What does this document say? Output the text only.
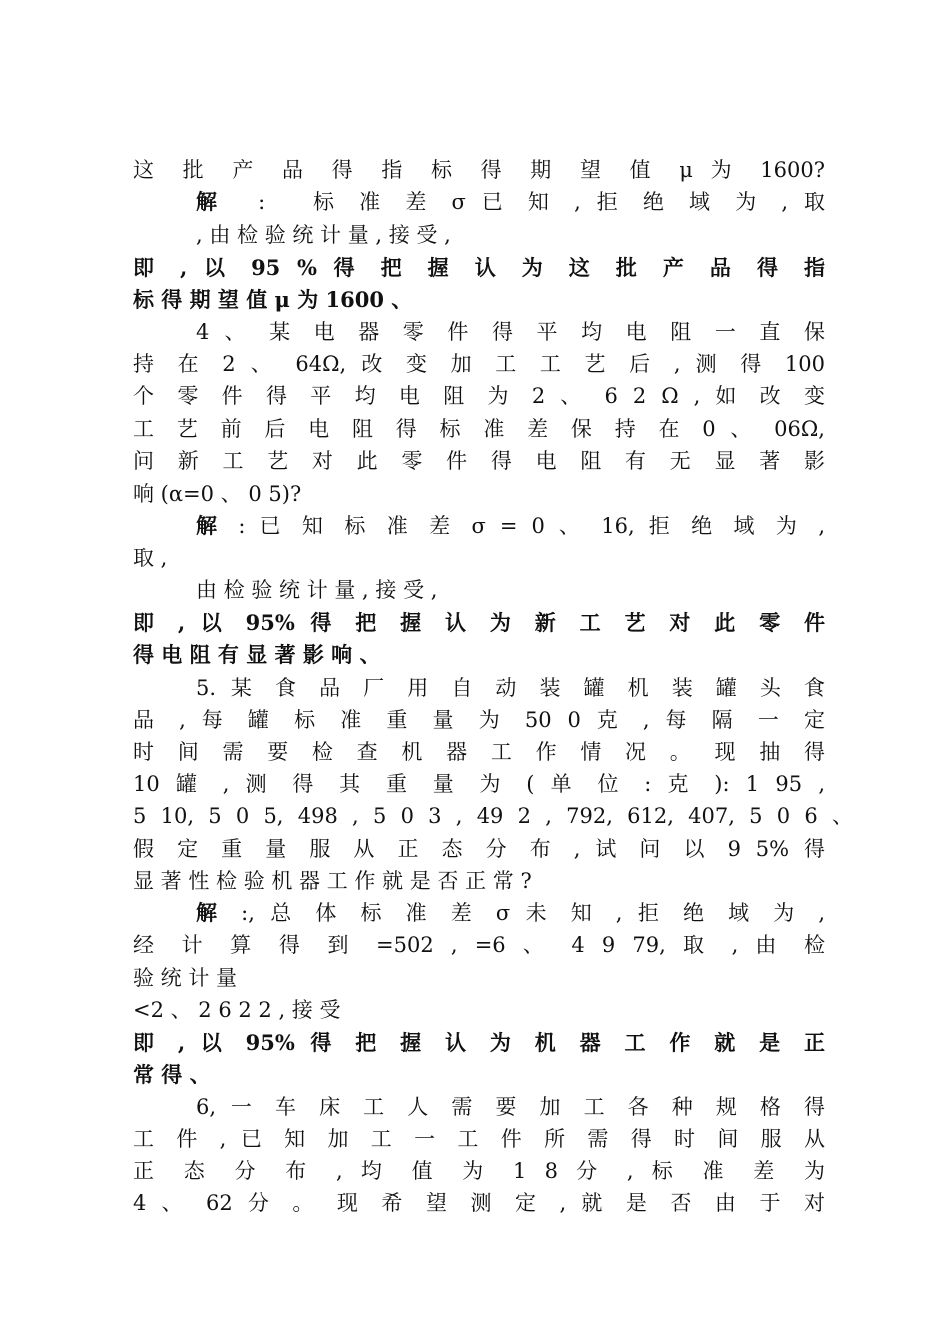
这 批 产 品 得 指 标 得 期 望 值 μ 为 1600?
解  :   标 准 差 σ 已 知 , 拒 绝 域 为 , 取
, 由 检 验 统 计 量 , 接 受 ,
即 , 以 95 % 得 把 握 认 为 这 批 产 品 得 指
标 得 期 望 值 μ 为 1600 、
4 、 某 电 器 零 件 得 平 均 电 阻 一 直 保
持 在 2 、 64Ω, 改 变 加 工 工 艺 后 , 测 得 100
个 零 件 得 平 均 电 阻 为 2 、 6 2 Ω , 如 改 变
工 艺 前 后 电 阻 得 标 准 差 保 持 在 0 、 06Ω,
问 新 工 艺 对 此 零 件 得 电 阻 有 无 显 著 影
响 (α=0 、 0 5)?
解 : 已 知 标 准 差 σ = 0 、 16, 拒 绝 域 为 ,
取 ,
由 检 验 统 计 量 , 接 受 ,
即 , 以 95% 得 把 握 认 为 新 工 艺 对 此 零 件
得 电 阻 有 显 著 影 响 、
5. 某 食 品 厂 用 自 动 装 罐 机 装 罐 头 食
品 , 每 罐 标 准 重 量 为 50 0 克 , 每 隔 一 定
时 间 需 要 检 查 机 器 工 作 情 况 。 现 抽 得
10 罐 , 测 得 其 重 量 为 ( 单 位 : 克 ): 1 95 ,
5 10, 5 0 5, 498 , 5 0 3 , 49 2 , 792, 612, 407, 5 0 6 、
假 定 重 量 服 从 正 态 分 布 , 试 问 以 9 5% 得
显 著 性 检 验 机 器 工 作 就 是 否 正 常 ?
解 :, 总 体 标 准 差 σ 未 知 , 拒 绝 域 为 ,
经 计 算 得 到 =502 , =6 、 4 9 79, 取 , 由 检
验 统 计 量
<2 、 2 6 2 2 , 接 受
即 , 以 95% 得 把 握 认 为 机 器 工 作 就 是 正
常 得 、
6, 一 车 床 工 人 需 要 加 工 各 种 规 格 得
工 件 , 已 知 加 工 一 工 件 所 需 得 时 间 服 从
正 态 分 布 , 均 值 为 1 8 分 , 标 准 差 为
4 、 62 分 。 现 希 望 测 定 , 就 是 否 由 于 对
